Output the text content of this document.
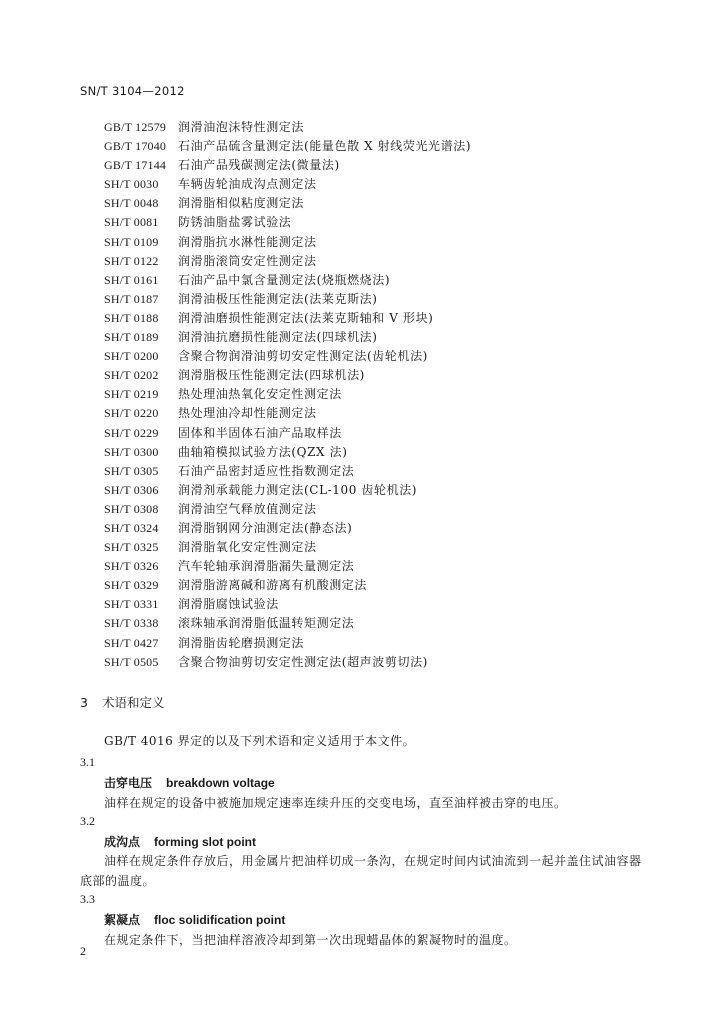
SN/T 3104—2012
GB/T 12579 润滑油泡沫特性测定法
GB/T 17040 石油产品硫含量测定法(能量色散 X 射线荧光光谱法)
GB/T 17144 石油产品残碳测定法(微量法)
SH/T 0030	车辆齿轮油成沟点测定法
SH/T 0048	润滑脂相似粘度测定法
SH/T 0081	防锈油脂盐雾试验法
SH/T 0109	润滑脂抗水淋性能测定法
SH/T 0122	润滑脂滚筒安定性测定法
SH/T 0161	石油产品中氯含量测定法(烧瓶燃烧法)
SH/T 0187	润滑油极压性能测定法(法莱克斯法)
SH/T 0188	润滑油磨损性能测定法(法莱克斯轴和 V 形块)
SH/T 0189	润滑油抗磨损性能测定法(四球机法)
SH/T 0200	含聚合物润滑油剪切安定性测定法(齿轮机法)
SH/T 0202	润滑脂极压性能测定法(四球机法)
SH/T 0219	热处理油热氧化安定性测定法
SH/T 0220	热处理油冷却性能测定法
SH/T 0229	固体和半固体石油产品取样法
SH/T 0300	曲轴箱模拟试验方法(QZX 法)
SH/T 0305	石油产品密封适应性指数测定法
SH/T 0306	润滑剂承载能力测定法(CL-100 齿轮机法)
SH/T 0308	润滑油空气释放值测定法
SH/T 0324	润滑脂钢网分油测定法(静态法)
SH/T 0325	润滑脂氧化安定性测定法
SH/T 0326	汽车轮轴承润滑脂漏失量测定法
SH/T 0329	润滑脂游离碱和游离有机酸测定法
SH/T 0331	润滑脂腐蚀试验法
SH/T 0338	滚珠轴承润滑脂低温转矩测定法
SH/T 0427	润滑脂齿轮磨损测定法
SH/T 0505	含聚合物油剪切安定性测定法(超声波剪切法)
3 术语和定义
GB/T 4016 界定的以及下列术语和定义适用于本文件。
3.1
击穿电压 breakdown voltage
油样在规定的设备中被施加规定速率连续升压的交变电场，直至油样被击穿的电压。
3.2
成沟点 forming slot point
油样在规定条件存放后，用金属片把油样切成一条沟，在规定时间内试油流到一起并盖住试油容器
底部的温度。
3.3
絮凝点 floc solidification point
在规定条件下，当把油样溶液冷却到第一次出现蜡晶体的絮凝物时的温度。
2
